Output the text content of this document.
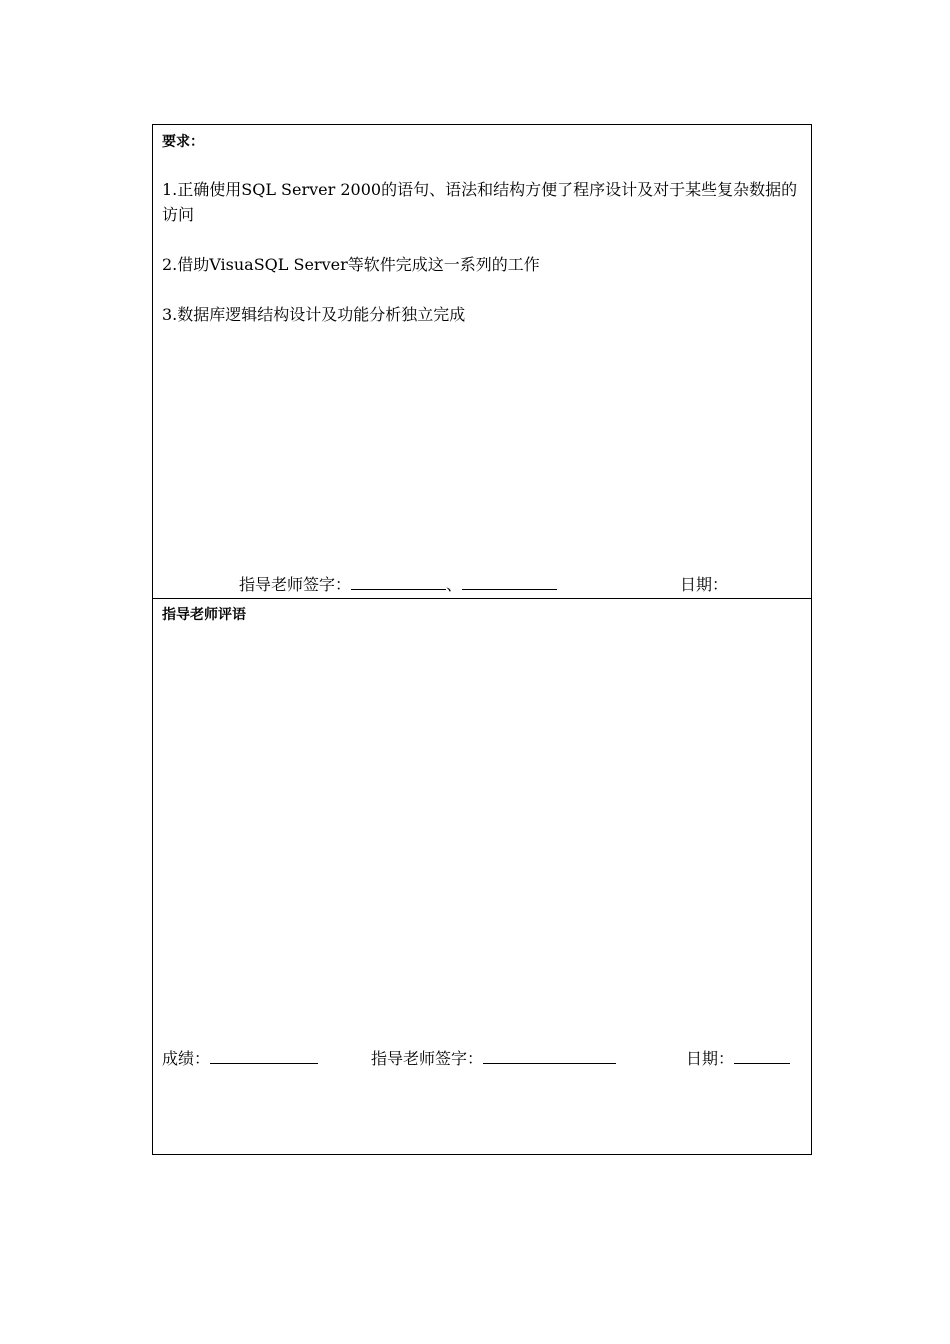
要求：
1.正确使用SQL Server 2000的语句、语法和结构方便了程序设计及对于某些复杂数据的访问
2.借助VisuaSQL Server等软件完成这一系列的工作
3.数据库逻辑结构设计及功能分析独立完成
指导老师签字：	、	日期：
指导老师评语
成绩：	指导老师签字：	日期：
